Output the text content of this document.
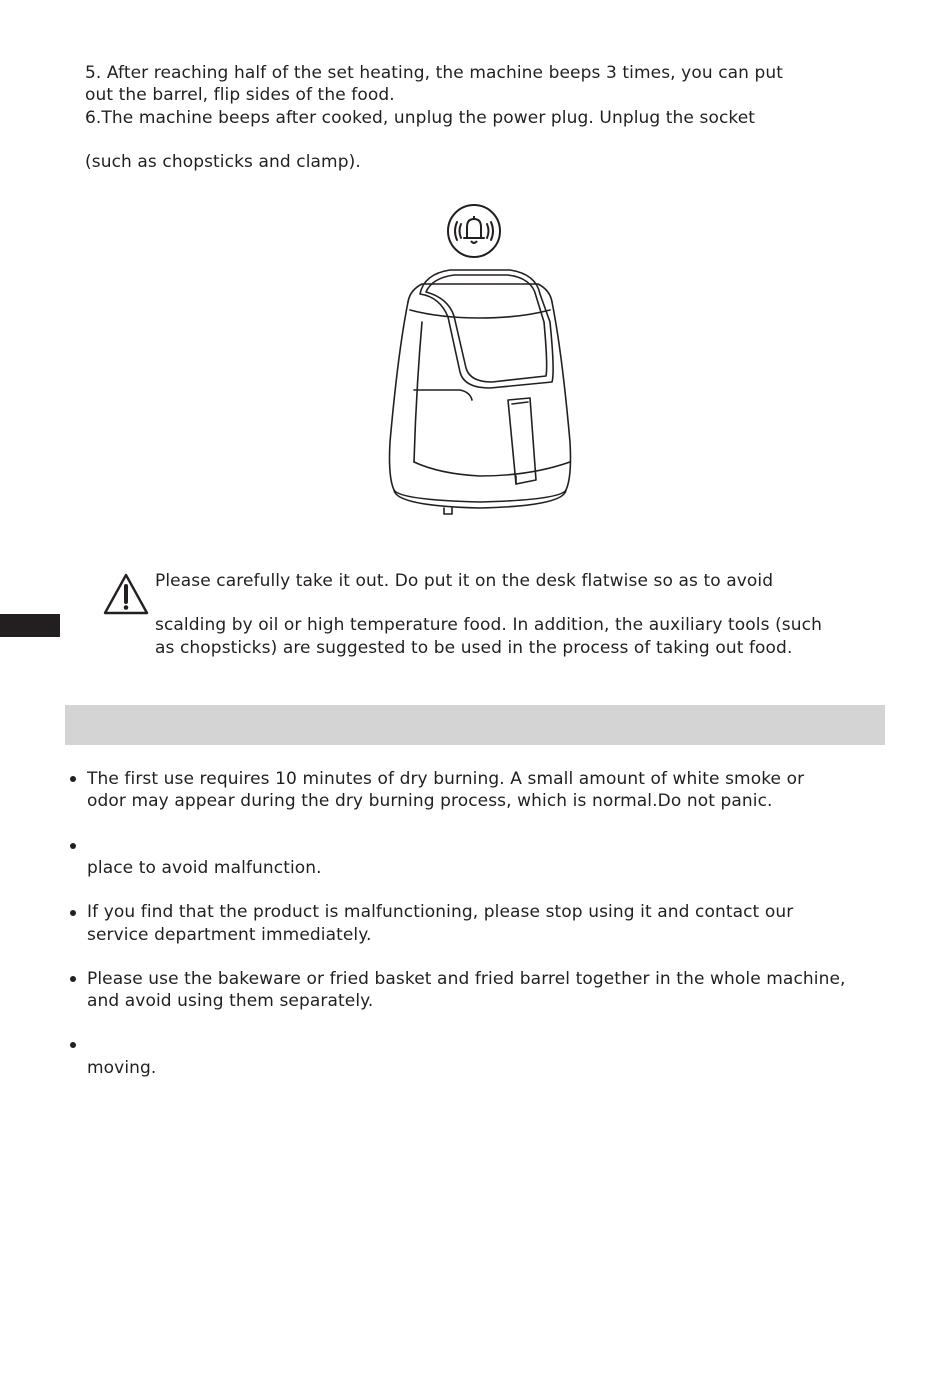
5. After reaching half of the set heating, the machine beeps 3 times, you can put
out the barrel, flip sides of the food.
6.The machine beeps after cooked, unplug the power plug. Unplug the socket
(such as chopsticks and clamp).
Please carefully take it out. Do put it on the desk flatwise so as to avoid
scalding by oil or high temperature food. In addition, the auxiliary tools (such
as chopsticks) are suggested to be used in the process of taking out food.
The first use requires 10 minutes of dry burning. A small amount of white smoke or
odor may appear during the dry burning process, which is normal.Do not panic.
place to avoid malfunction.
If you find that the product is malfunctioning, please stop using it and contact our
service department immediately.
Please use the bakeware or fried basket and fried barrel together in the whole machine,
and avoid using them separately.
moving.
